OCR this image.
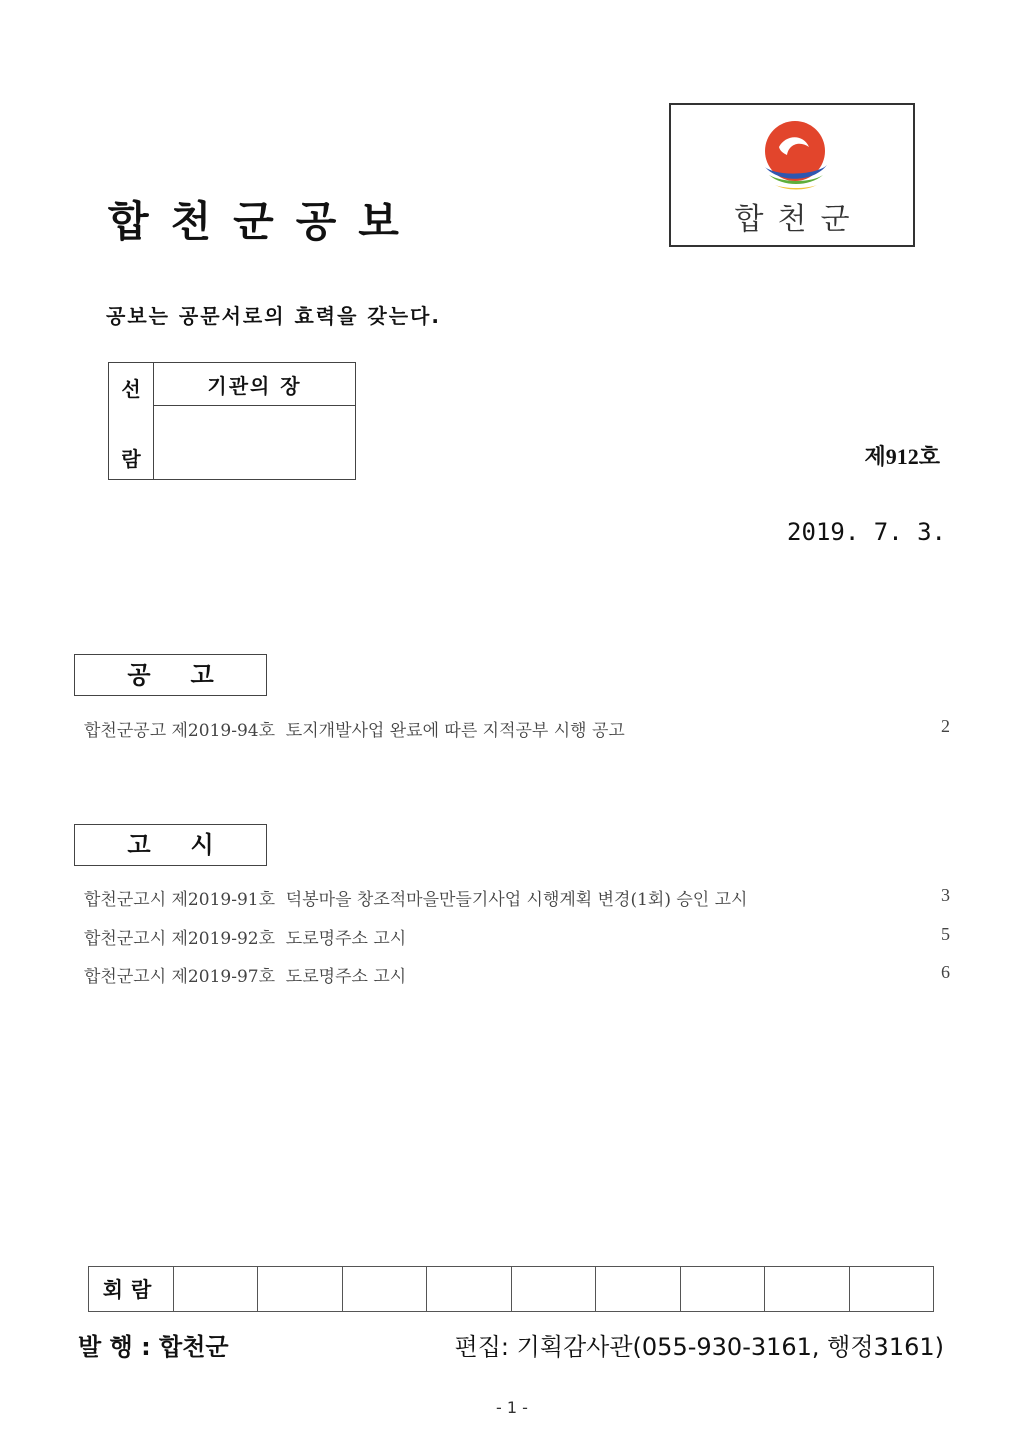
합천군공보	합천군
공보는 공문서로의 효력을 갖는다.
선
람
	기관의 장

제912호
2019. 7. 3.
공고
합천군공고 제2019-94호  토지개발사업 완료에 따른 지적공부 시행 공고	2
고시
합천군고시 제2019-91호  덕봉마을 창조적마을만들기사업 시행계획 변경(1회) 승인 고시	3
합천군고시 제2019-92호  도로명주소 고시	5
합천군고시 제2019-97호  도로명주소 고시	6
회람									
발 행 : 합천군	편집: 기획감사관(055-930-3161, 행정3161)
- 1 -
